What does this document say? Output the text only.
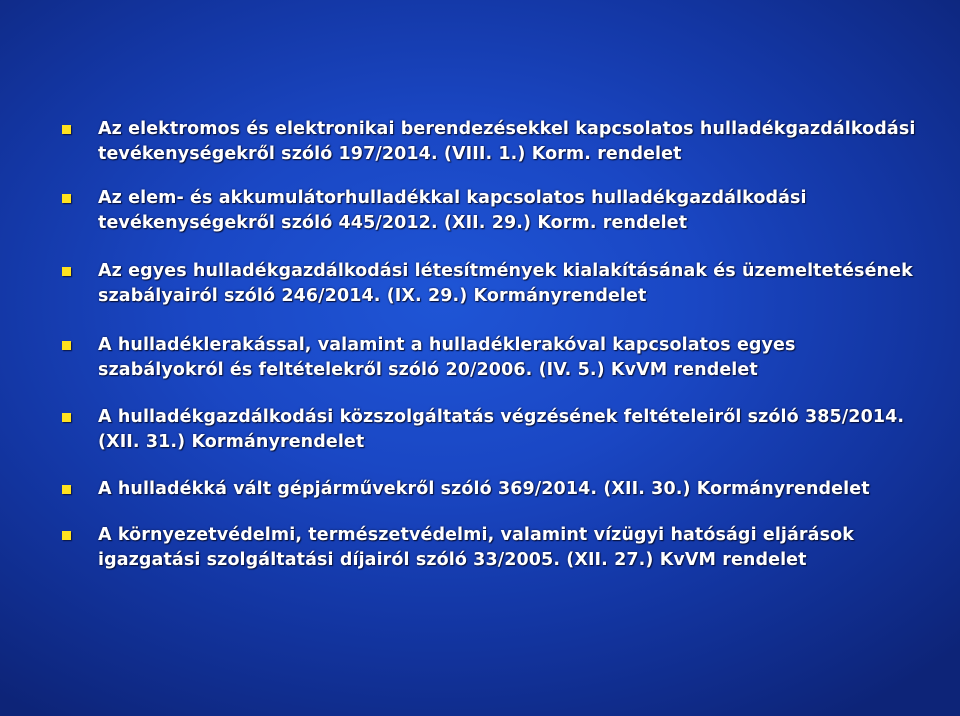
Az elektromos és elektronikai berendezésekkel kapcsolatos hulladékgazdálkodási tevékenységekről szóló 197/2014. (VIII. 1.) Korm. rendelet
Az elem- és akkumulátorhulladékkal kapcsolatos hulladékgazdálkodási tevékenységekről szóló 445/2012. (XII. 29.) Korm. rendelet
Az egyes hulladékgazdálkodási létesítmények kialakításának és üzemeltetésének szabályairól szóló 246/2014. (IX. 29.) Kormányrendelet
A hulladéklerakással, valamint a hulladéklerakóval kapcsolatos egyes szabályokról és feltételekről szóló 20/2006. (IV. 5.) KvVM rendelet
A hulladékgazdálkodási közszolgáltatás végzésének feltételeiről szóló 385/2014. (XII. 31.) Kormányrendelet
A hulladékká vált gépjárművekről szóló 369/2014. (XII. 30.) Kormányrendelet
A környezetvédelmi, természetvédelmi, valamint vízügyi hatósági eljárások igazgatási szolgáltatási díjairól szóló 33/2005. (XII. 27.) KvVM rendelet
